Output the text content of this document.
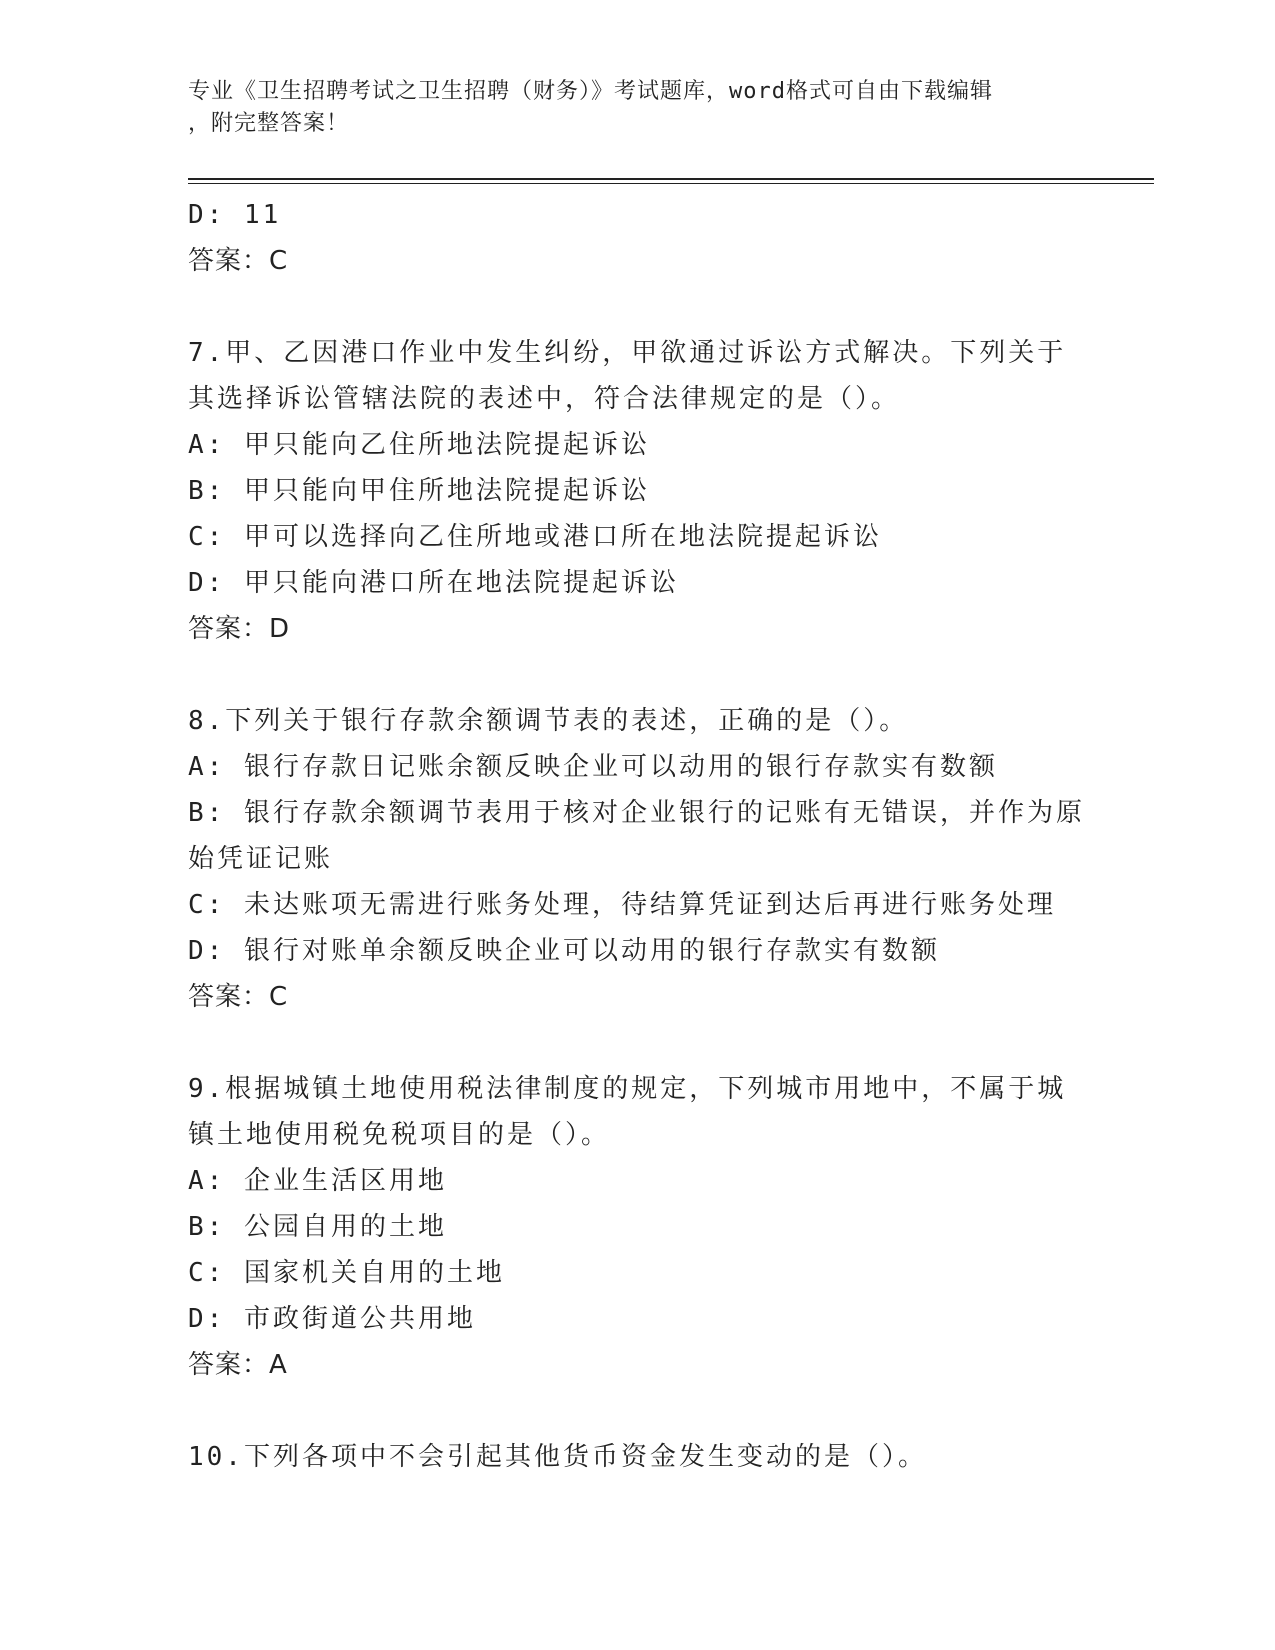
专业《卫生招聘考试之卫生招聘（财务）》考试题库，word格式可自由下载编辑
，附完整答案！
D: 11
答案：C
7.甲、乙因港口作业中发生纠纷，甲欲通过诉讼方式解决。下列关于
其选择诉讼管辖法院的表述中，符合法律规定的是（）。
A: 甲只能向乙住所地法院提起诉讼
B: 甲只能向甲住所地法院提起诉讼
C: 甲可以选择向乙住所地或港口所在地法院提起诉讼
D: 甲只能向港口所在地法院提起诉讼
答案：D
8.下列关于银行存款余额调节表的表述，正确的是（）。
A: 银行存款日记账余额反映企业可以动用的银行存款实有数额
B: 银行存款余额调节表用于核对企业银行的记账有无错误，并作为原
始凭证记账
C: 未达账项无需进行账务处理，待结算凭证到达后再进行账务处理
D: 银行对账单余额反映企业可以动用的银行存款实有数额
答案：C
9.根据城镇土地使用税法律制度的规定，下列城市用地中，不属于城
镇土地使用税免税项目的是（）。
A: 企业生活区用地
B: 公园自用的土地
C: 国家机关自用的土地
D: 市政街道公共用地
答案：A
10.下列各项中不会引起其他货币资金发生变动的是（）。
